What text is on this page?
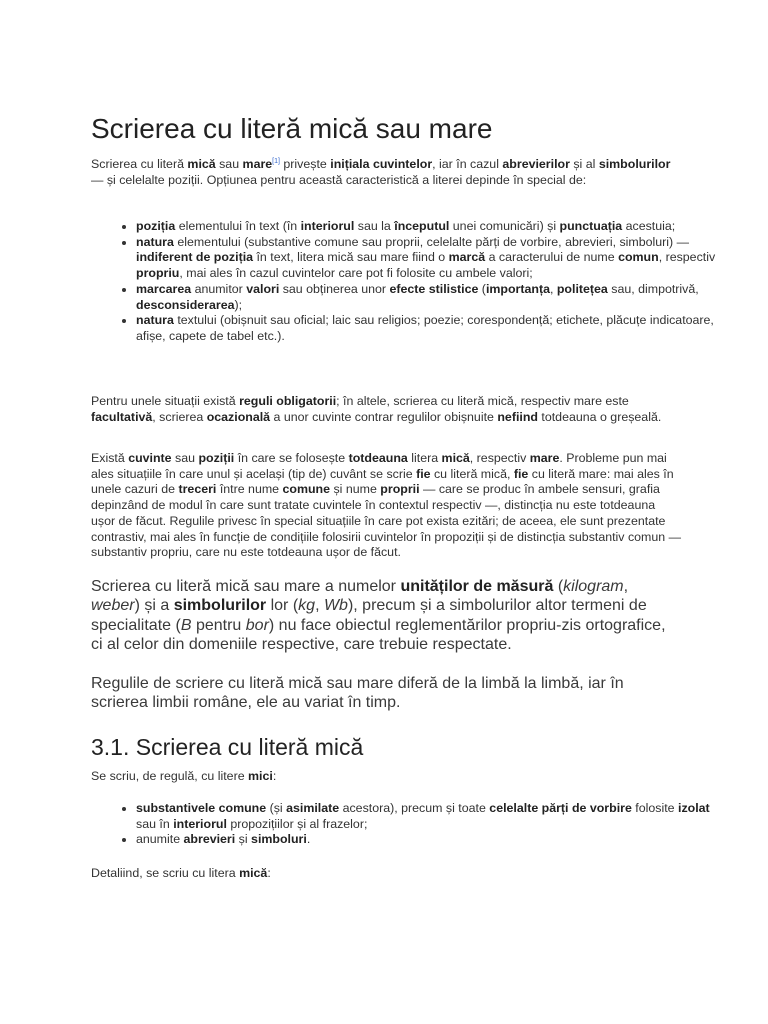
Scrierea cu literă mică sau mare

Scrierea cu literă mică sau mare[1] privește inițiala cuvintelor, iar în cazul abrevierilor și al simbolurilor — și celelalte poziții. Opțiunea pentru această caracteristică a literei depinde în special de:

• poziția elementului în text (în interiorul sau la începutul unei comunicări) și punctuația acestuia;
• natura elementului (substantive comune sau proprii, celelalte părți de vorbire, abrevieri, simboluri) — indiferent de poziția în text, litera mică sau mare fiind o marcă a caracterului de nume comun, respectiv propriu, mai ales în cazul cuvintelor care pot fi folosite cu ambele valori;
• marcarea anumitor valori sau obținerea unor efecte stilistice (importanța, politețea sau, dimpotrivă, desconsiderarea);
• natura textului (obișnuit sau oficial; laic sau religios; poezie; corespondență; etichete, plăcuțe indicatoare, afișe, capete de tabel etc.).

Pentru unele situații există reguli obligatorii; în altele, scrierea cu literă mică, respectiv mare este facultativă, scrierea ocazională a unor cuvinte contrar regulilor obișnuite nefiind totdeauna o greșeală.

Există cuvinte sau poziții în care se folosește totdeauna litera mică, respectiv mare. Probleme pun mai ales situațiile în care unul și același (tip de) cuvânt se scrie fie cu literă mică, fie cu literă mare: mai ales în unele cazuri de treceri între nume comune și nume proprii — care se produc în ambele sensuri, grafia depinzând de modul în care sunt tratate cuvintele în contextul respectiv —, distincția nu este totdeauna ușor de făcut. Regulile privesc în special situațiile în care pot exista ezitări; de aceea, ele sunt prezentate contrastiv, mai ales în funcție de condițiile folosirii cuvintelor în propoziții și de distincția substantiv comun — substantiv propriu, care nu este totdeauna ușor de făcut.

Scrierea cu literă mică sau mare a numelor unităților de măsură (kilogram, weber) și a simbolurilor lor (kg, Wb), precum și a simbolurilor altor termeni de specialitate (B pentru bor) nu face obiectul reglementărilor propriu-zis ortografice, ci al celor din domeniile respective, care trebuie respectate.

Regulile de scriere cu literă mică sau mare diferă de la limbă la limbă, iar în scrierea limbii române, ele au variat în timp.

3.1. Scrierea cu literă mică

Se scriu, de regulă, cu litere mici:

• substantivele comune (și asimilate acestora), precum și toate celelalte părți de vorbire folosite izolat sau în interiorul propozițiilor și al frazelor;
• anumite abrevieri și simboluri.

Detaliind, se scriu cu litera mică:
